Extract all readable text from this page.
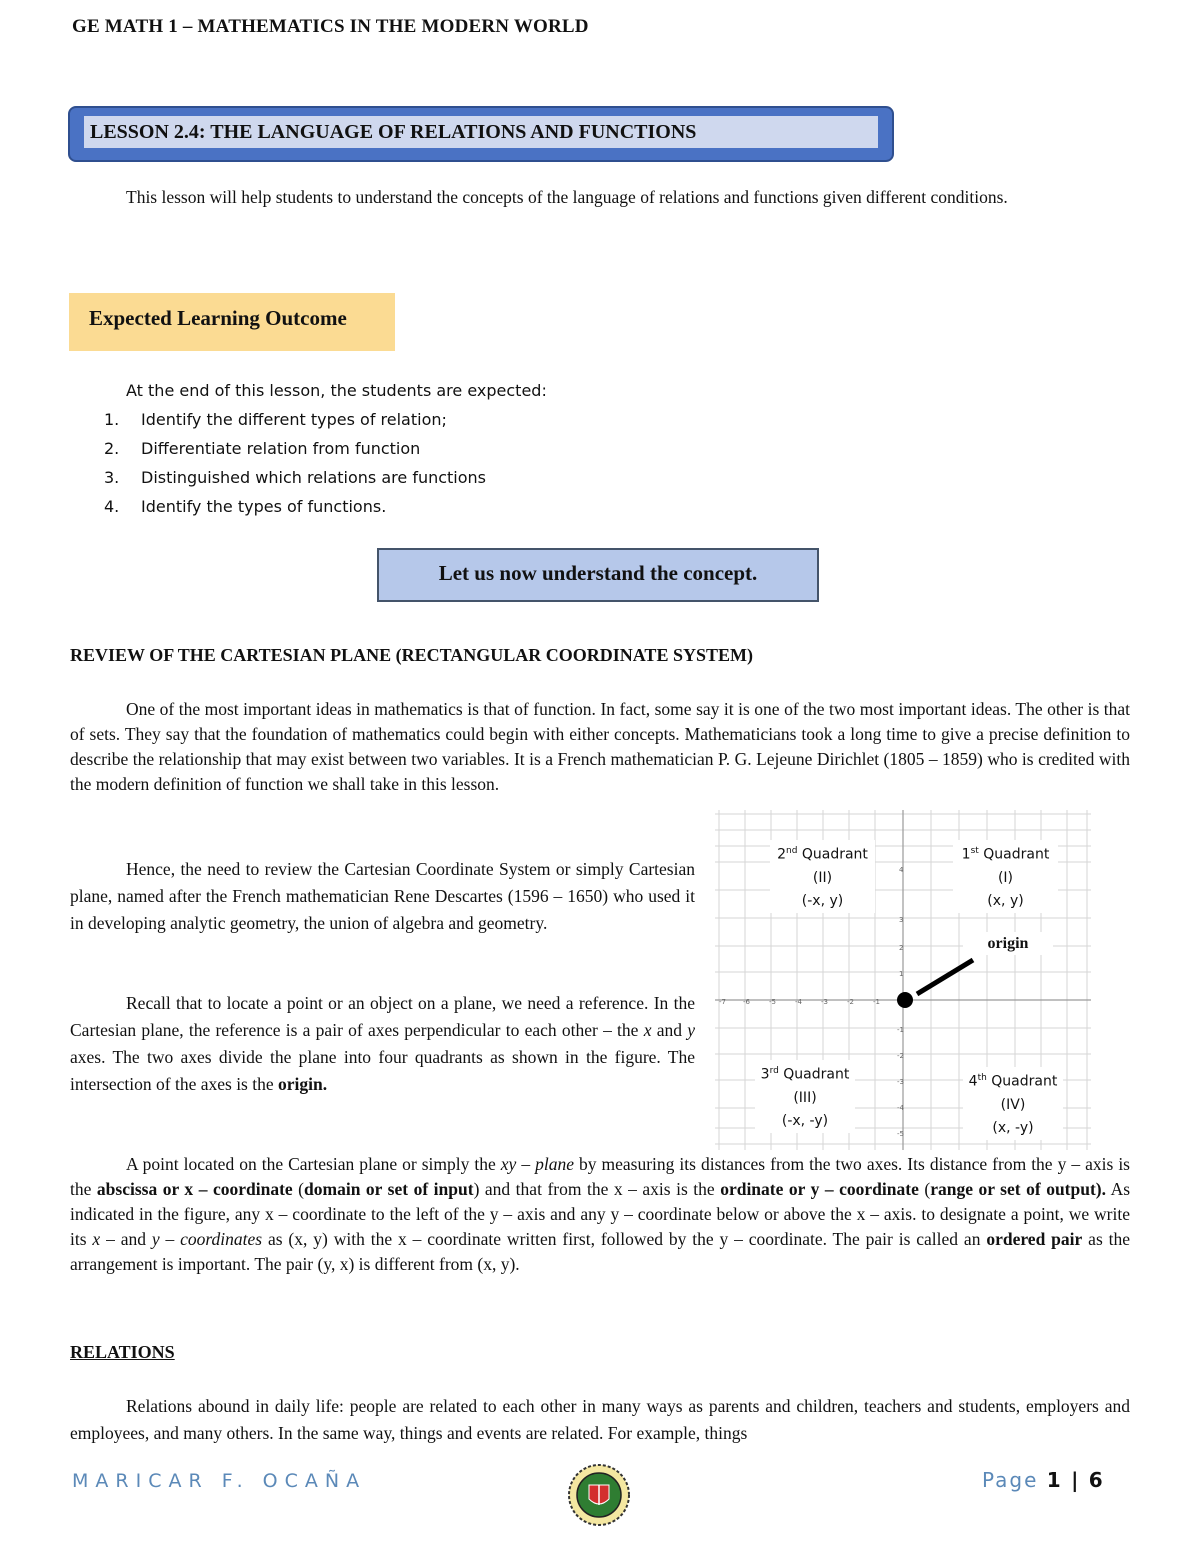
GE MATH 1 – MATHEMATICS IN THE MODERN WORLD
LESSON 2.4: THE LANGUAGE OF RELATIONS AND FUNCTIONS
This lesson will help students to understand the concepts of the language of relations and functions given different conditions.
Expected Learning Outcome
At the end of this lesson, the students are expected:
1. Identify the different types of relation;
2. Differentiate relation from function
3. Distinguished which relations are functions
4. Identify the types of functions.
Let us now understand the concept.
REVIEW OF THE CARTESIAN PLANE (RECTANGULAR COORDINATE SYSTEM)
One of the most important ideas in mathematics is that of function. In fact, some say it is one of the two most important ideas. The other is that of sets. They say that the foundation of mathematics could begin with either concepts. Mathematicians took a long time to give a precise definition to describe the relationship that may exist between two variables. It is a French mathematician P. G. Lejeune Dirichlet (1805 – 1859) who is credited with the modern definition of function we shall take in this lesson.
Hence, the need to review the Cartesian Coordinate System or simply Cartesian plane, named after the French mathematician Rene Descartes (1596 – 1650) who used it in developing analytic geometry, the union of algebra and geometry.
Recall that to locate a point or an object on a plane, we need a reference. In the Cartesian plane, the reference is a pair of axes perpendicular to each other – the x and y axes. The two axes divide the plane into four quadrants as shown in the figure. The intersection of the axes is the origin.
-7 -6	-5	-4	-3	-2	-1
4
3
2
1
-1
-2
-3
-4
-5
2nd Quadrant
(II)
(-x, y)
1st Quadrant
(I)
(x, y)
origin
3rd Quadrant
(III)
(-x, -y)
4th Quadrant
(IV)
(x, -y)
A point located on the Cartesian plane or simply the xy – plane by measuring its distances from the two axes. Its distance from the y – axis is the abscissa or x – coordinate (domain or set of input) and that from the x – axis is the ordinate or y – coordinate (range or set of output). As indicated in the figure, any x – coordinate to the left of the y – axis and any y – coordinate below or above the x – axis. to designate a point, we write its x – and y – coordinates as (x, y) with the x – coordinate written first, followed by the y – coordinate. The pair is called an ordered pair as the arrangement is important. The pair (y, x) is different from (x, y).
RELATIONS
Relations abound in daily life: people are related to each other in many ways as parents and children, teachers and students, employers and employees, and many others. In the same way, things and events are related. For example, things
MARICAR F. OCAÑA	Page 1 | 6
